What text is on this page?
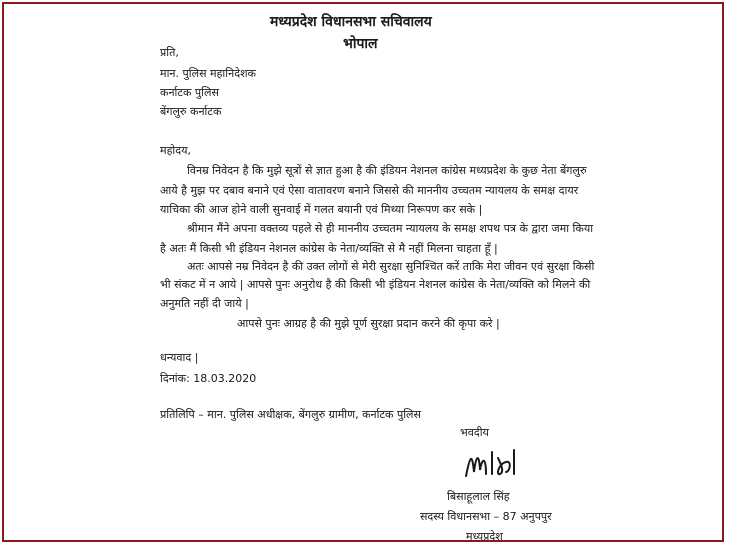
मध्यप्रदेश विधानसभा सचिवालय
भोपाल
प्रति,
मान. पुलिस महानिदेशक
कर्नाटक पुलिस
बेंगलुरु कर्नाटक
महोदय,
विनम्र निवेदन है कि मुझे सूत्रों से ज्ञात हुआ है की इंडियन नेशनल कांग्रेस मध्यप्रदेश के कुछ नेता बेंगलुरु
आये है मुझ पर दबाव बनाने एवं ऐसा वातावरण बनाने जिससे की माननीय उच्चतम न्यायलय के समक्ष दायर
याचिका की आज होने वाली सुनवाई में गलत बयानी एवं मिथ्या निरूपण कर सके |
श्रीमान मैंने अपना वक्तव्य पहले से ही माननीय उच्चतम न्यायलय के समक्ष शपथ पत्र के द्वारा जमा किया
है अतः मैं किसी भी इंडियन नेशनल कांग्रेस के नेता/व्यक्ति से मै नहीं मिलना चाहता हूँ |
अतः आपसे नम्र निवेदन है की उक्त लोगों से मेरी सुरक्षा सुनिश्चित करें ताकि मेरा जीवन एवं सुरक्षा किसी
भी संकट में न आये | आपसे पुनः अनुरोध है की किसी भी इंडियन नेशनल कांग्रेस के नेता/व्यक्ति को मिलने की
अनुमति नहीं दी जाये |
आपसे पुनः आग्रह है की मुझे पूर्ण सुरक्षा प्रदान करने की कृपा करे |
धन्यवाद |
दिनांक: 18.03.2020
प्रतिलिपि – मान. पुलिस अधीक्षक, बेंगलुरु ग्रामीण, कर्नाटक पुलिस
भवदीय
बिसाहूलाल सिंह
सदस्य विधानसभा – 87 अनुपपुर
मध्यप्रदेश
